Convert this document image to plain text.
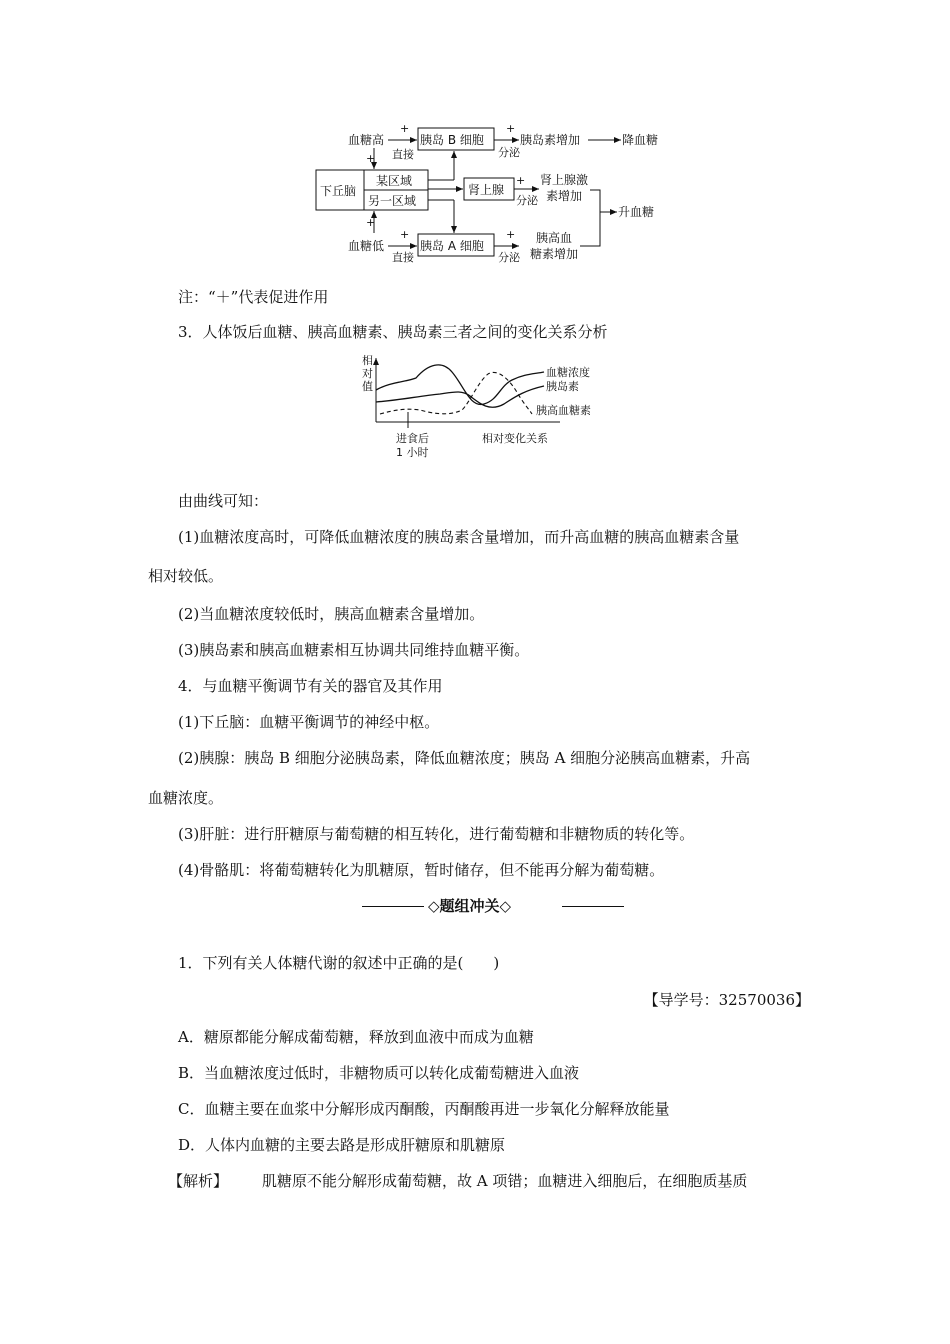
血糖高	胰岛 B 细胞	胰岛素增加	降血糖
下丘脑
某区域
另一区域
肾上腺
肾上腺激
素增加
升血糖
血糖低	胰岛 A 细胞
胰高血
糖素增加
直接	分泌
分泌
直接	分泌
+	+
+
+
+
+	+
注：“＋”代表促进作用
3．人体饭后血糖、胰高血糖素、胰岛素三者之间的变化关系分析
相
对
值
血糖浓度
胰岛素
胰高血糖素
进食后
1 小时
相对变化关系
由曲线可知：
(1)血糖浓度高时，可降低血糖浓度的胰岛素含量增加，而升高血糖的胰高血糖素含量
相对较低。
(2)当血糖浓度较低时，胰高血糖素含量增加。
(3)胰岛素和胰高血糖素相互协调共同维持血糖平衡。
4．与血糖平衡调节有关的器官及其作用
(1)下丘脑：血糖平衡调节的神经中枢。
(2)胰腺：胰岛 B 细胞分泌胰岛素，降低血糖浓度；胰岛 A 细胞分泌胰高血糖素，升高
血糖浓度。
(3)肝脏：进行肝糖原与葡萄糖的相互转化，进行葡萄糖和非糖物质的转化等。
(4)骨骼肌：将葡萄糖转化为肌糖原，暂时储存，但不能再分解为葡萄糖。
◇题组冲关◇
1．下列有关人体糖代谢的叙述中正确的是(　　)
【导学号：32570036】
A．糖原都能分解成葡萄糖，释放到血液中而成为血糖
B．当血糖浓度过低时，非糖物质可以转化成葡萄糖进入血液
C．血糖主要在血浆中分解形成丙酮酸，丙酮酸再进一步氧化分解释放能量
D．人体内血糖的主要去路是形成肝糖原和肌糖原
【解析】 肌糖原不能分解形成葡萄糖，故 A 项错；血糖进入细胞后，在细胞质基质
